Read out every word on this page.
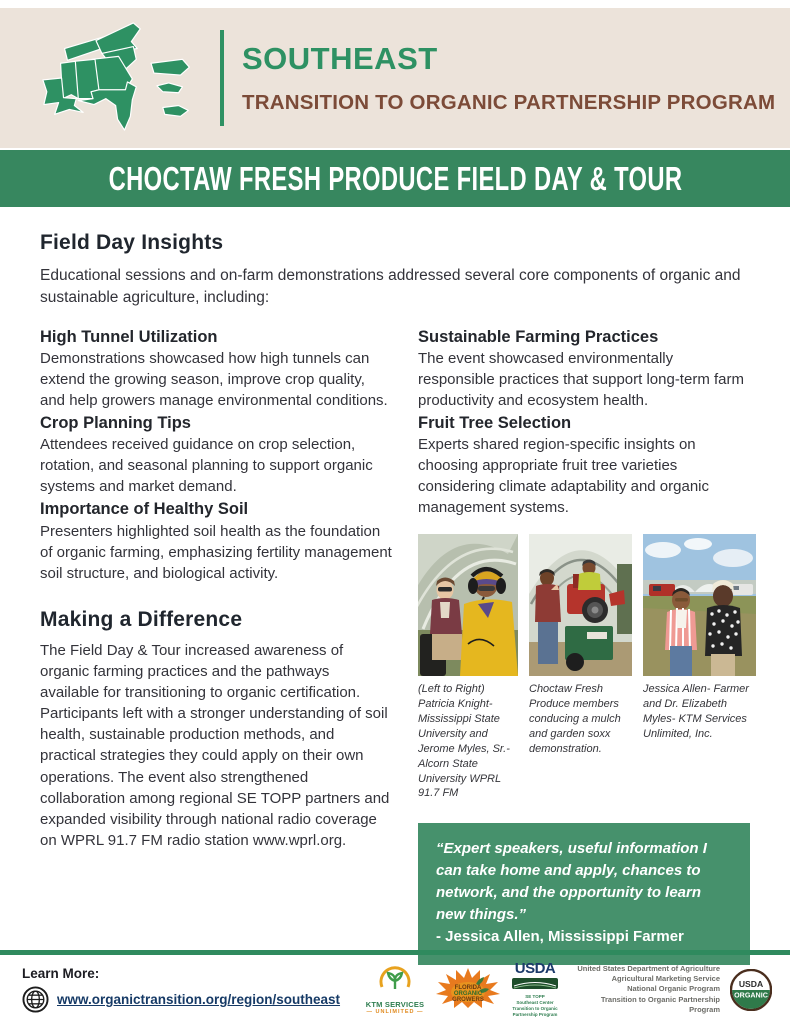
SOUTHEAST
TRANSITION TO ORGANIC PARTNERSHIP PROGRAM
CHOCTAW FRESH PRODUCE FIELD DAY & TOUR
Field Day Insights
Educational sessions and on-farm demonstrations addressed several core components of organic and sustainable agriculture, including:
High Tunnel Utilization
Demonstrations showcased how high tunnels can extend the growing season, improve crop quality, and help growers manage environmental conditions.
Crop Planning Tips
Attendees received guidance on crop selection, rotation, and seasonal planning to support organic systems and market demand.
Importance of Healthy Soil
Presenters highlighted soil health as the foundation of organic farming, emphasizing fertility management soil structure, and biological activity.
Making a Difference
The Field Day & Tour increased awareness of organic farming practices and the pathways available for transitioning to organic certification. Participants left with a stronger understanding of soil health, sustainable production methods, and practical strategies they could apply on their own operations. The event also strengthened collaboration among regional SE TOPP partners and expanded visibility through national radio coverage on WPRL 91.7 FM radio station www.wprl.org.
Sustainable Farming Practices
The event showcased environmentally responsible practices that support long-term farm productivity and ecosystem health.
Fruit Tree Selection
Experts shared region-specific insights on choosing appropriate fruit tree varieties considering climate adaptability and organic management systems.
(Left to Right) Patricia Knight- Mississippi State University and Jerome Myles, Sr.- Alcorn State University WPRL 91.7 FM
Choctaw Fresh Produce members conducing a mulch and garden soxx demonstration.
Jessica Allen- Farmer and Dr. Elizabeth Myles- KTM Services Unlimited, Inc.
“Expert speakers, useful information I can take home and apply, chances to network, and the opportunity to learn new things.”
- Jessica Allen, Mississippi Farmer
Learn More:
www.organictransition.org/region/southeast	KTM SERVICES
— UNLIMITED —
FLORIDA
ORGANIC
GROWERS
USDA
SE TOPP
Southeast Center
Transition to Organic
Partnership Program
United States Department of Agriculture
Agricultural Marketing Service
National Organic Program
Transition to Organic Partnership Program
USDA
ORGANIC
